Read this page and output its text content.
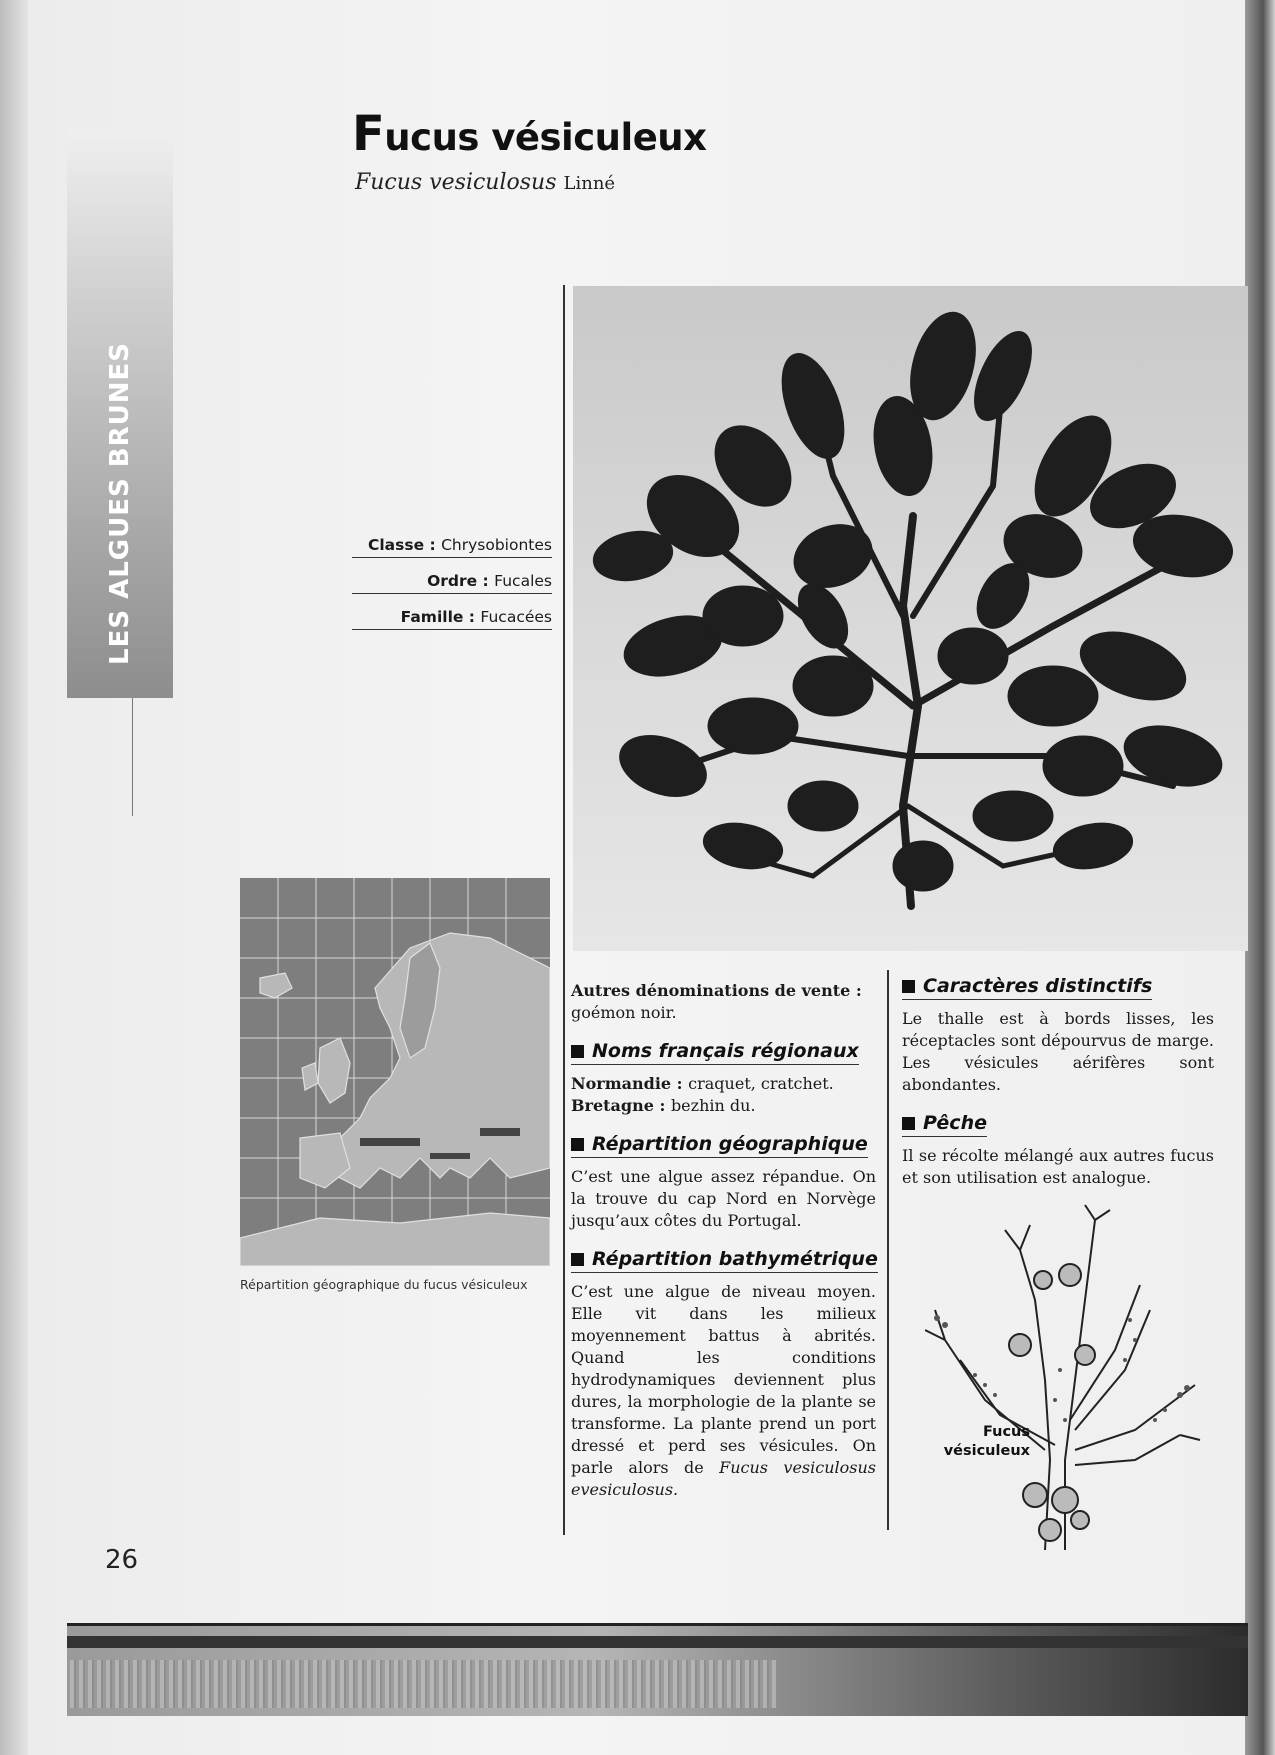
LES ALGUES BRUNES
Fucus vésiculeux
Fucus vesiculosus Linné
Classe : Chrysobiontes
Ordre : Fucales
Famille : Fucacées
Répartition géographique du fucus vésiculeux

Autres dénominations de vente :
goémon noir.

Noms français régionaux

Normandie : craquet, cratchet.
Bretagne : bezhin du.

Répartition géographique

C’est une algue assez répandue. On la trouve du cap Nord en Norvège jusqu’aux côtes du Portugal.

Répartition bathymétrique

C’est une algue de niveau moyen. Elle vit dans les milieux moyennement battus à abrités. Quand les conditions hydrodynamiques deviennent plus dures, la morphologie de la plante se transforme. La plante prend un port dressé et perd ses vésicules. On parle alors de Fucus vesiculosus evesiculosus.

Caractères distinctifs

Le thalle est à bords lisses, les réceptacles sont dépourvus de marge. Les vésicules aérifères sont abondantes.

Pêche

Il se récolte mélangé aux autres fucus et son utilisation est analogue.

Fucus
vésiculeux
26
